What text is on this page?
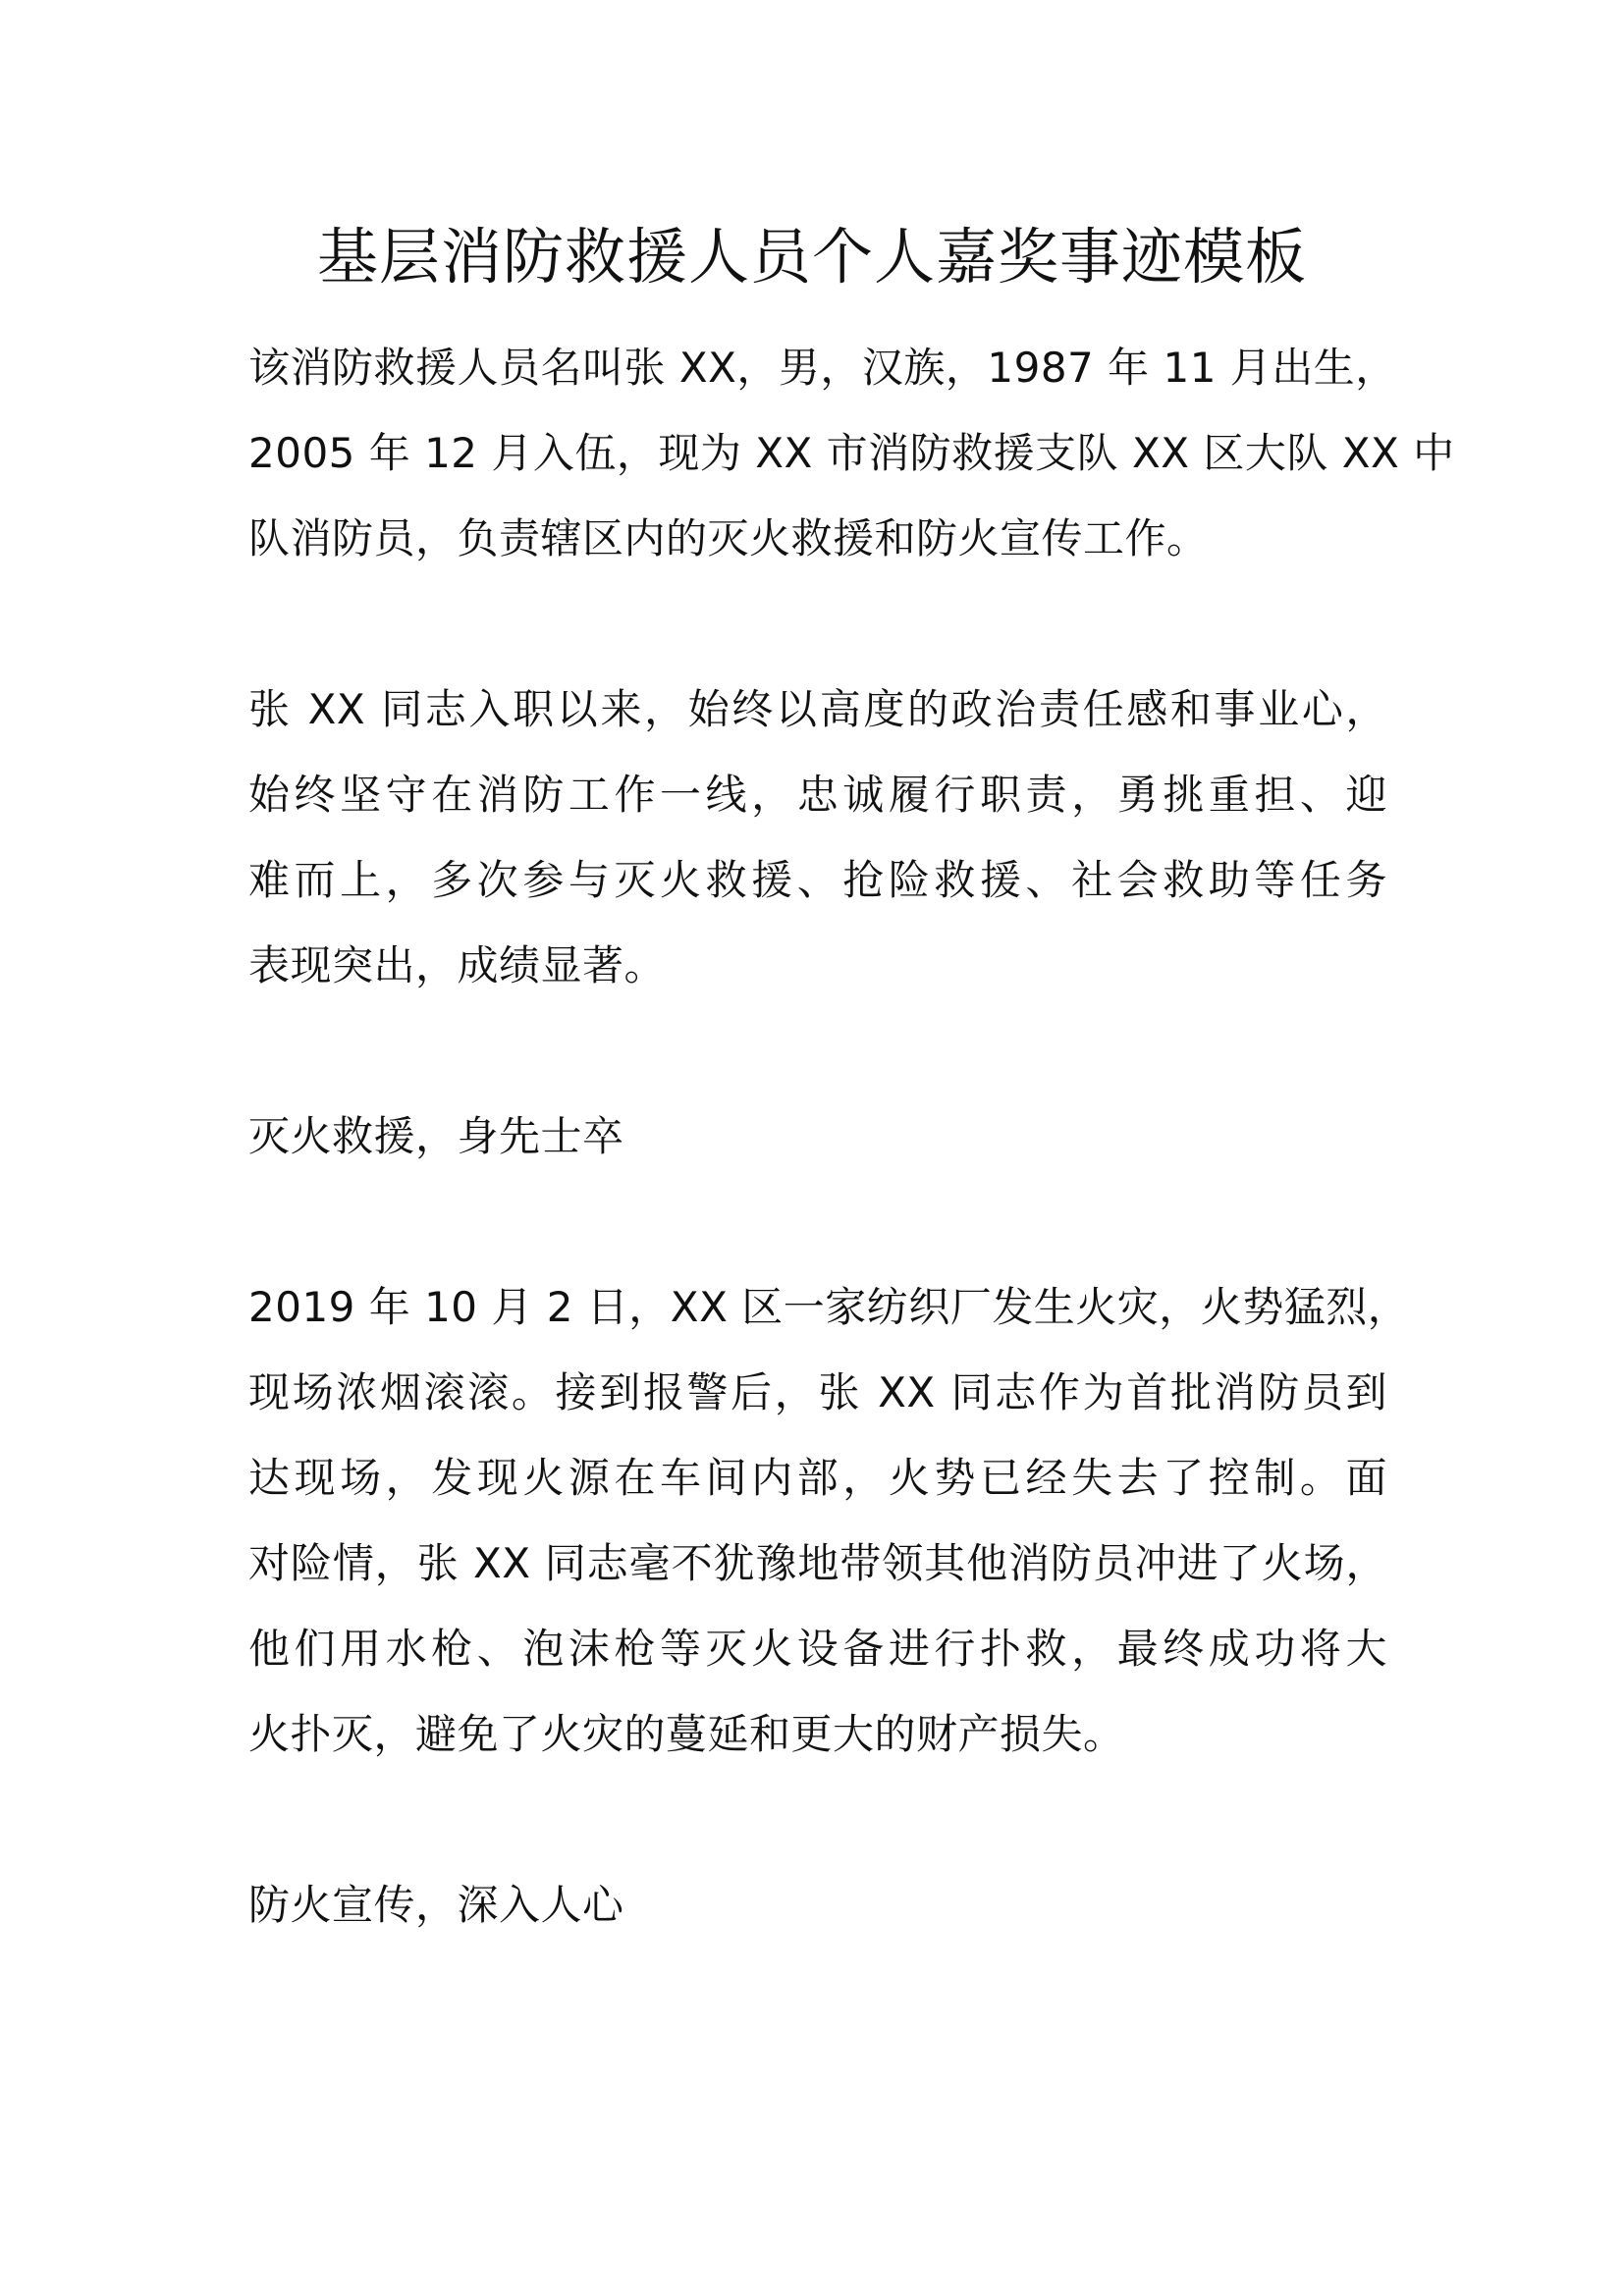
基层消防救援人员个人嘉奖事迹模板
该消防救援人员名叫张 XX，男，汉族，1987 年 11 月出生，
2005 年 12 月入伍，现为 XX 市消防救援支队 XX 区大队 XX 中
队消防员，负责辖区内的灭火救援和防火宣传工作。
张 XX 同志入职以来，始终以高度的政治责任感和事业心，
始终坚守在消防工作一线，忠诚履行职责，勇挑重担、迎
难而上，多次参与灭火救援、抢险救援、社会救助等任务
表现突出，成绩显著。
灭火救援，身先士卒
2019 年 10 月 2 日，XX 区一家纺织厂发生火灾，火势猛烈，
现场浓烟滚滚。接到报警后，张 XX 同志作为首批消防员到
达现场，发现火源在车间内部，火势已经失去了控制。面
对险情，张 XX 同志毫不犹豫地带领其他消防员冲进了火场，
他们用水枪、泡沫枪等灭火设备进行扑救，最终成功将大
火扑灭，避免了火灾的蔓延和更大的财产损失。
防火宣传，深入人心
